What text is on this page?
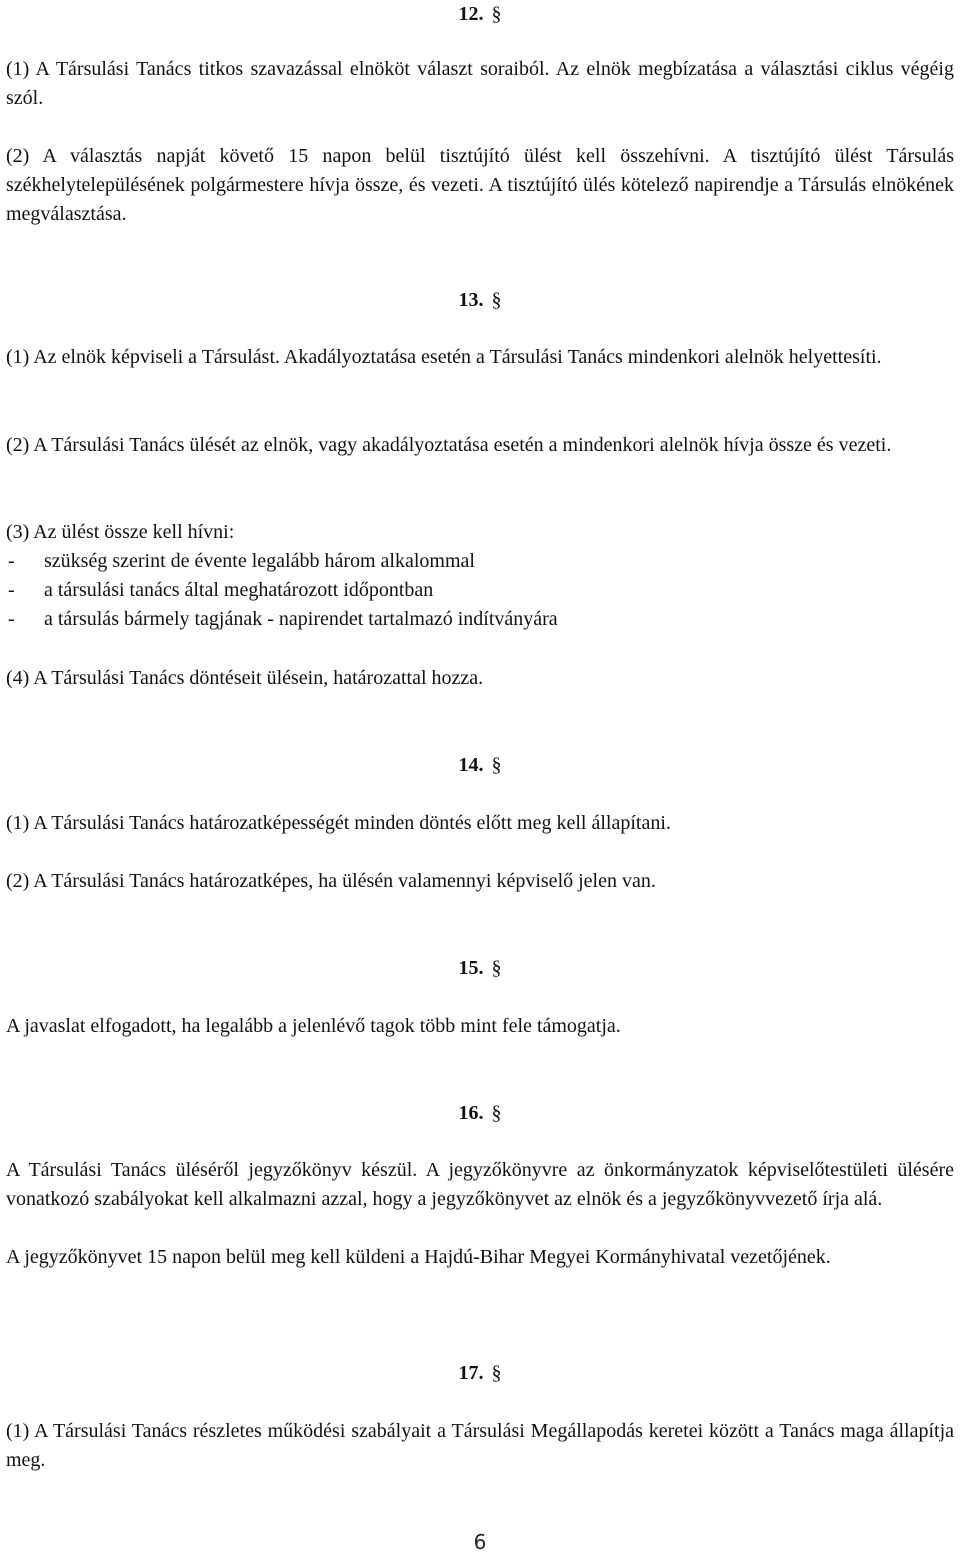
12. §
(1) A Társulási Tanács titkos szavazással elnököt választ soraiból. Az elnök megbízatása a választási ciklus végéig szól.
(2) A választás napját követő 15 napon belül tisztújító ülést kell összehívni. A tisztújító ülést Társulás székhelytelepülésének polgármestere hívja össze, és vezeti. A tisztújító ülés kötelező napirendje a Társulás elnökének megválasztása.
13. §
(1) Az elnök képviseli a Társulást. Akadályoztatása esetén a Társulási Tanács mindenkori alelnök helyettesíti.
(2) A Társulási Tanács ülését az elnök, vagy akadályoztatása esetén a mindenkori alelnök hívja össze és vezeti.
(3) Az ülést össze kell hívni:
- szükség szerint de évente legalább három alkalommal
- a társulási tanács által meghatározott időpontban
- a társulás bármely tagjának - napirendet tartalmazó indítványára
(4) A Társulási Tanács döntéseit ülésein, határozattal hozza.
14. §
(1) A Társulási Tanács határozatképességét minden döntés előtt meg kell állapítani.
(2) A Társulási Tanács határozatképes, ha ülésén valamennyi képviselő jelen van.
15. §
A javaslat elfogadott, ha legalább a jelenlévő tagok több mint fele támogatja.
16. §
A Társulási Tanács üléséről jegyzőkönyv készül. A jegyzőkönyvre az önkormányzatok képviselőtestületi ülésére vonatkozó szabályokat kell alkalmazni azzal, hogy a jegyzőkönyvet az elnök és a jegyzőkönyvvezető írja alá.
A jegyzőkönyvet 15 napon belül meg kell küldeni a Hajdú-Bihar Megyei Kormányhivatal vezetőjének.
17. §
(1) A Társulási Tanács részletes működési szabályait a Társulási Megállapodás keretei között a Tanács maga állapítja meg.
6
